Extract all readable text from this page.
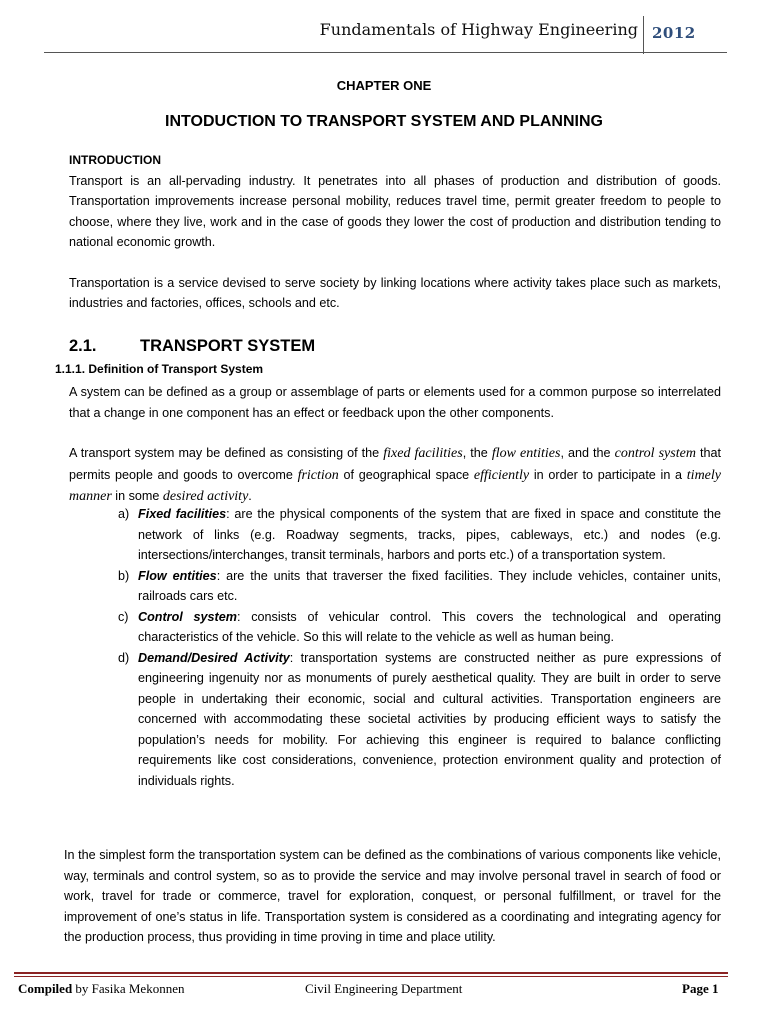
Fundamentals of Highway Engineering 2012
CHAPTER ONE
INTODUCTION TO TRANSPORT SYSTEM AND PLANNING
INTRODUCTION

Transport is an all-pervading industry. It penetrates into all phases of production and distribution of goods. Transportation improvements increase personal mobility, reduces travel time, permit greater freedom to people to choose, where they live, work and in the case of goods they lower the cost of production and distribution tending to national economic growth.

Transportation is a service devised to serve society by linking locations where activity takes place such as markets, industries and factories, offices, schools and etc.

2.1.	TRANSPORT SYSTEM
1.1.1. Definition of Transport System

A system can be defined as a group or assemblage of parts or elements used for a common purpose so interrelated that a change in one component has an effect or feedback upon the other components.

A transport system may be defined as consisting of the fixed facilities, the flow entities, and the control system that permits people and goods to overcome friction of geographical space efficiently in order to participate in a timely manner in some desired activity.

a) Fixed facilities: are the physical components of the system that are fixed in space and constitute the network of links (e.g. Roadway segments, tracks, pipes, cableways, etc.) and nodes (e.g. intersections/interchanges, transit terminals, harbors and ports etc.) of a transportation system.
b) Flow entities: are the units that traverser the fixed facilities. They include vehicles, container units, railroads cars etc.
c) Control system: consists of vehicular control. This covers the technological and operating characteristics of the vehicle. So this will relate to the vehicle as well as human being.
d) Demand/Desired Activity: transportation systems are constructed neither as pure expressions of engineering ingenuity nor as monuments of purely aesthetical quality. They are built in order to serve people in undertaking their economic, social and cultural activities. Transportation engineers are concerned with accommodating these societal activities by producing efficient ways to satisfy the population’s needs for mobility. For achieving this engineer is required to balance conflicting requirements like cost considerations, convenience, protection environment quality and protection of individuals rights.

In the simplest form the transportation system can be defined as the combinations of various components like vehicle, way, terminals and control system, so as to provide the service and may involve personal travel in search of food or work, travel for trade or commerce, travel for exploration, conquest, or personal fulfillment, or travel for the improvement of one’s status in life. Transportation system is considered as a coordinating and integrating agency for the production process, thus providing in time proving in time and place utility.

Compiled by Fasika Mekonnen	Civil Engineering Department	Page 1
